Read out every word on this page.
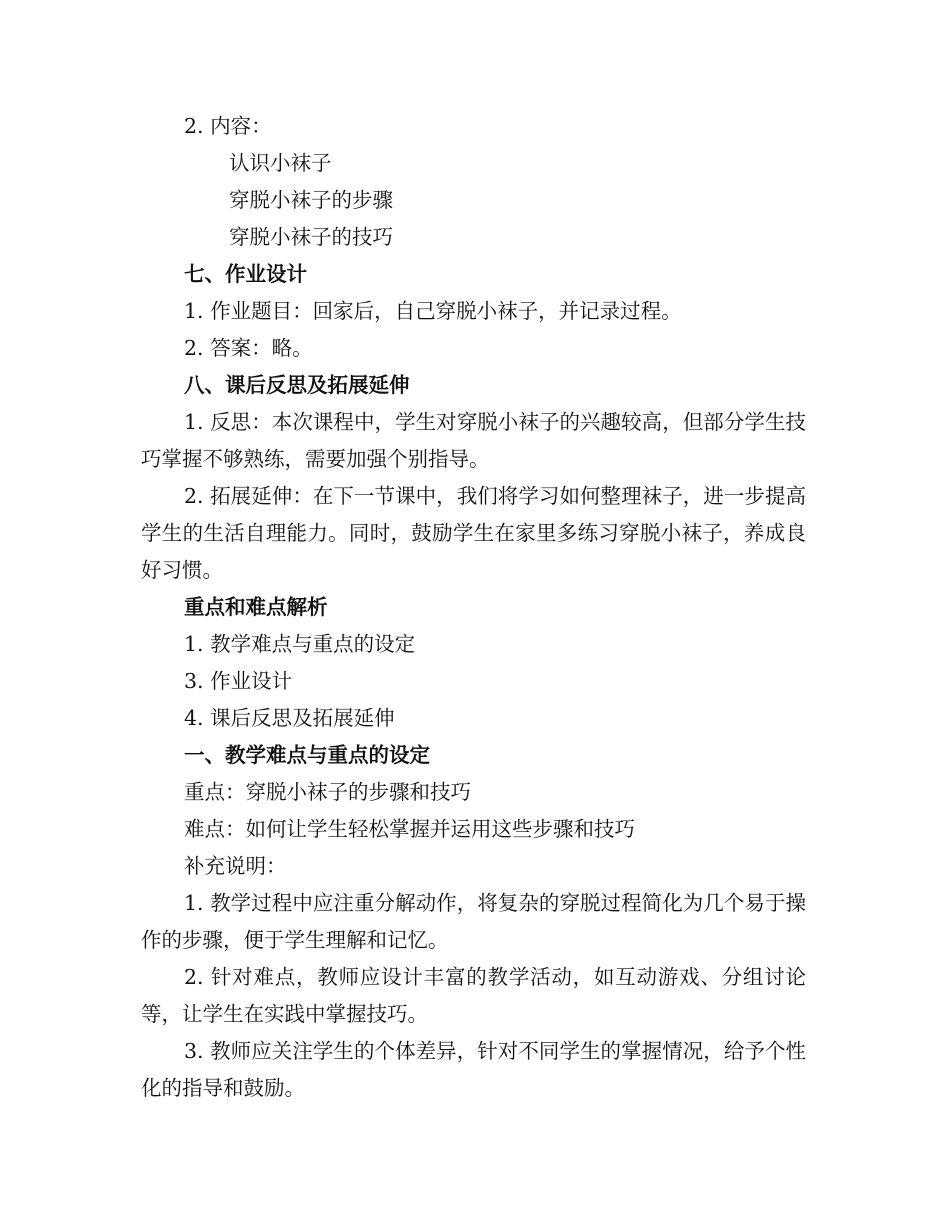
2. 内容：

认识小袜子

穿脱小袜子的步骤

穿脱小袜子的技巧

七、作业设计

1. 作业题目：回家后，自己穿脱小袜子，并记录过程。

2. 答案：略。

八、课后反思及拓展延伸

1. 反思：本次课程中，学生对穿脱小袜子的兴趣较高，但部分学生技巧掌握不够熟练，需要加强个别指导。

2. 拓展延伸：在下一节课中，我们将学习如何整理袜子，进一步提高学生的生活自理能力。同时，鼓励学生在家里多练习穿脱小袜子，养成良好习惯。

重点和难点解析

1. 教学难点与重点的设定

3. 作业设计

4. 课后反思及拓展延伸

一、教学难点与重点的设定

重点：穿脱小袜子的步骤和技巧

难点：如何让学生轻松掌握并运用这些步骤和技巧

补充说明：

1. 教学过程中应注重分解动作，将复杂的穿脱过程简化为几个易于操作的步骤，便于学生理解和记忆。

2. 针对难点，教师应设计丰富的教学活动，如互动游戏、分组讨论等，让学生在实践中掌握技巧。

3. 教师应关注学生的个体差异，针对不同学生的掌握情况，给予个性化的指导和鼓励。
